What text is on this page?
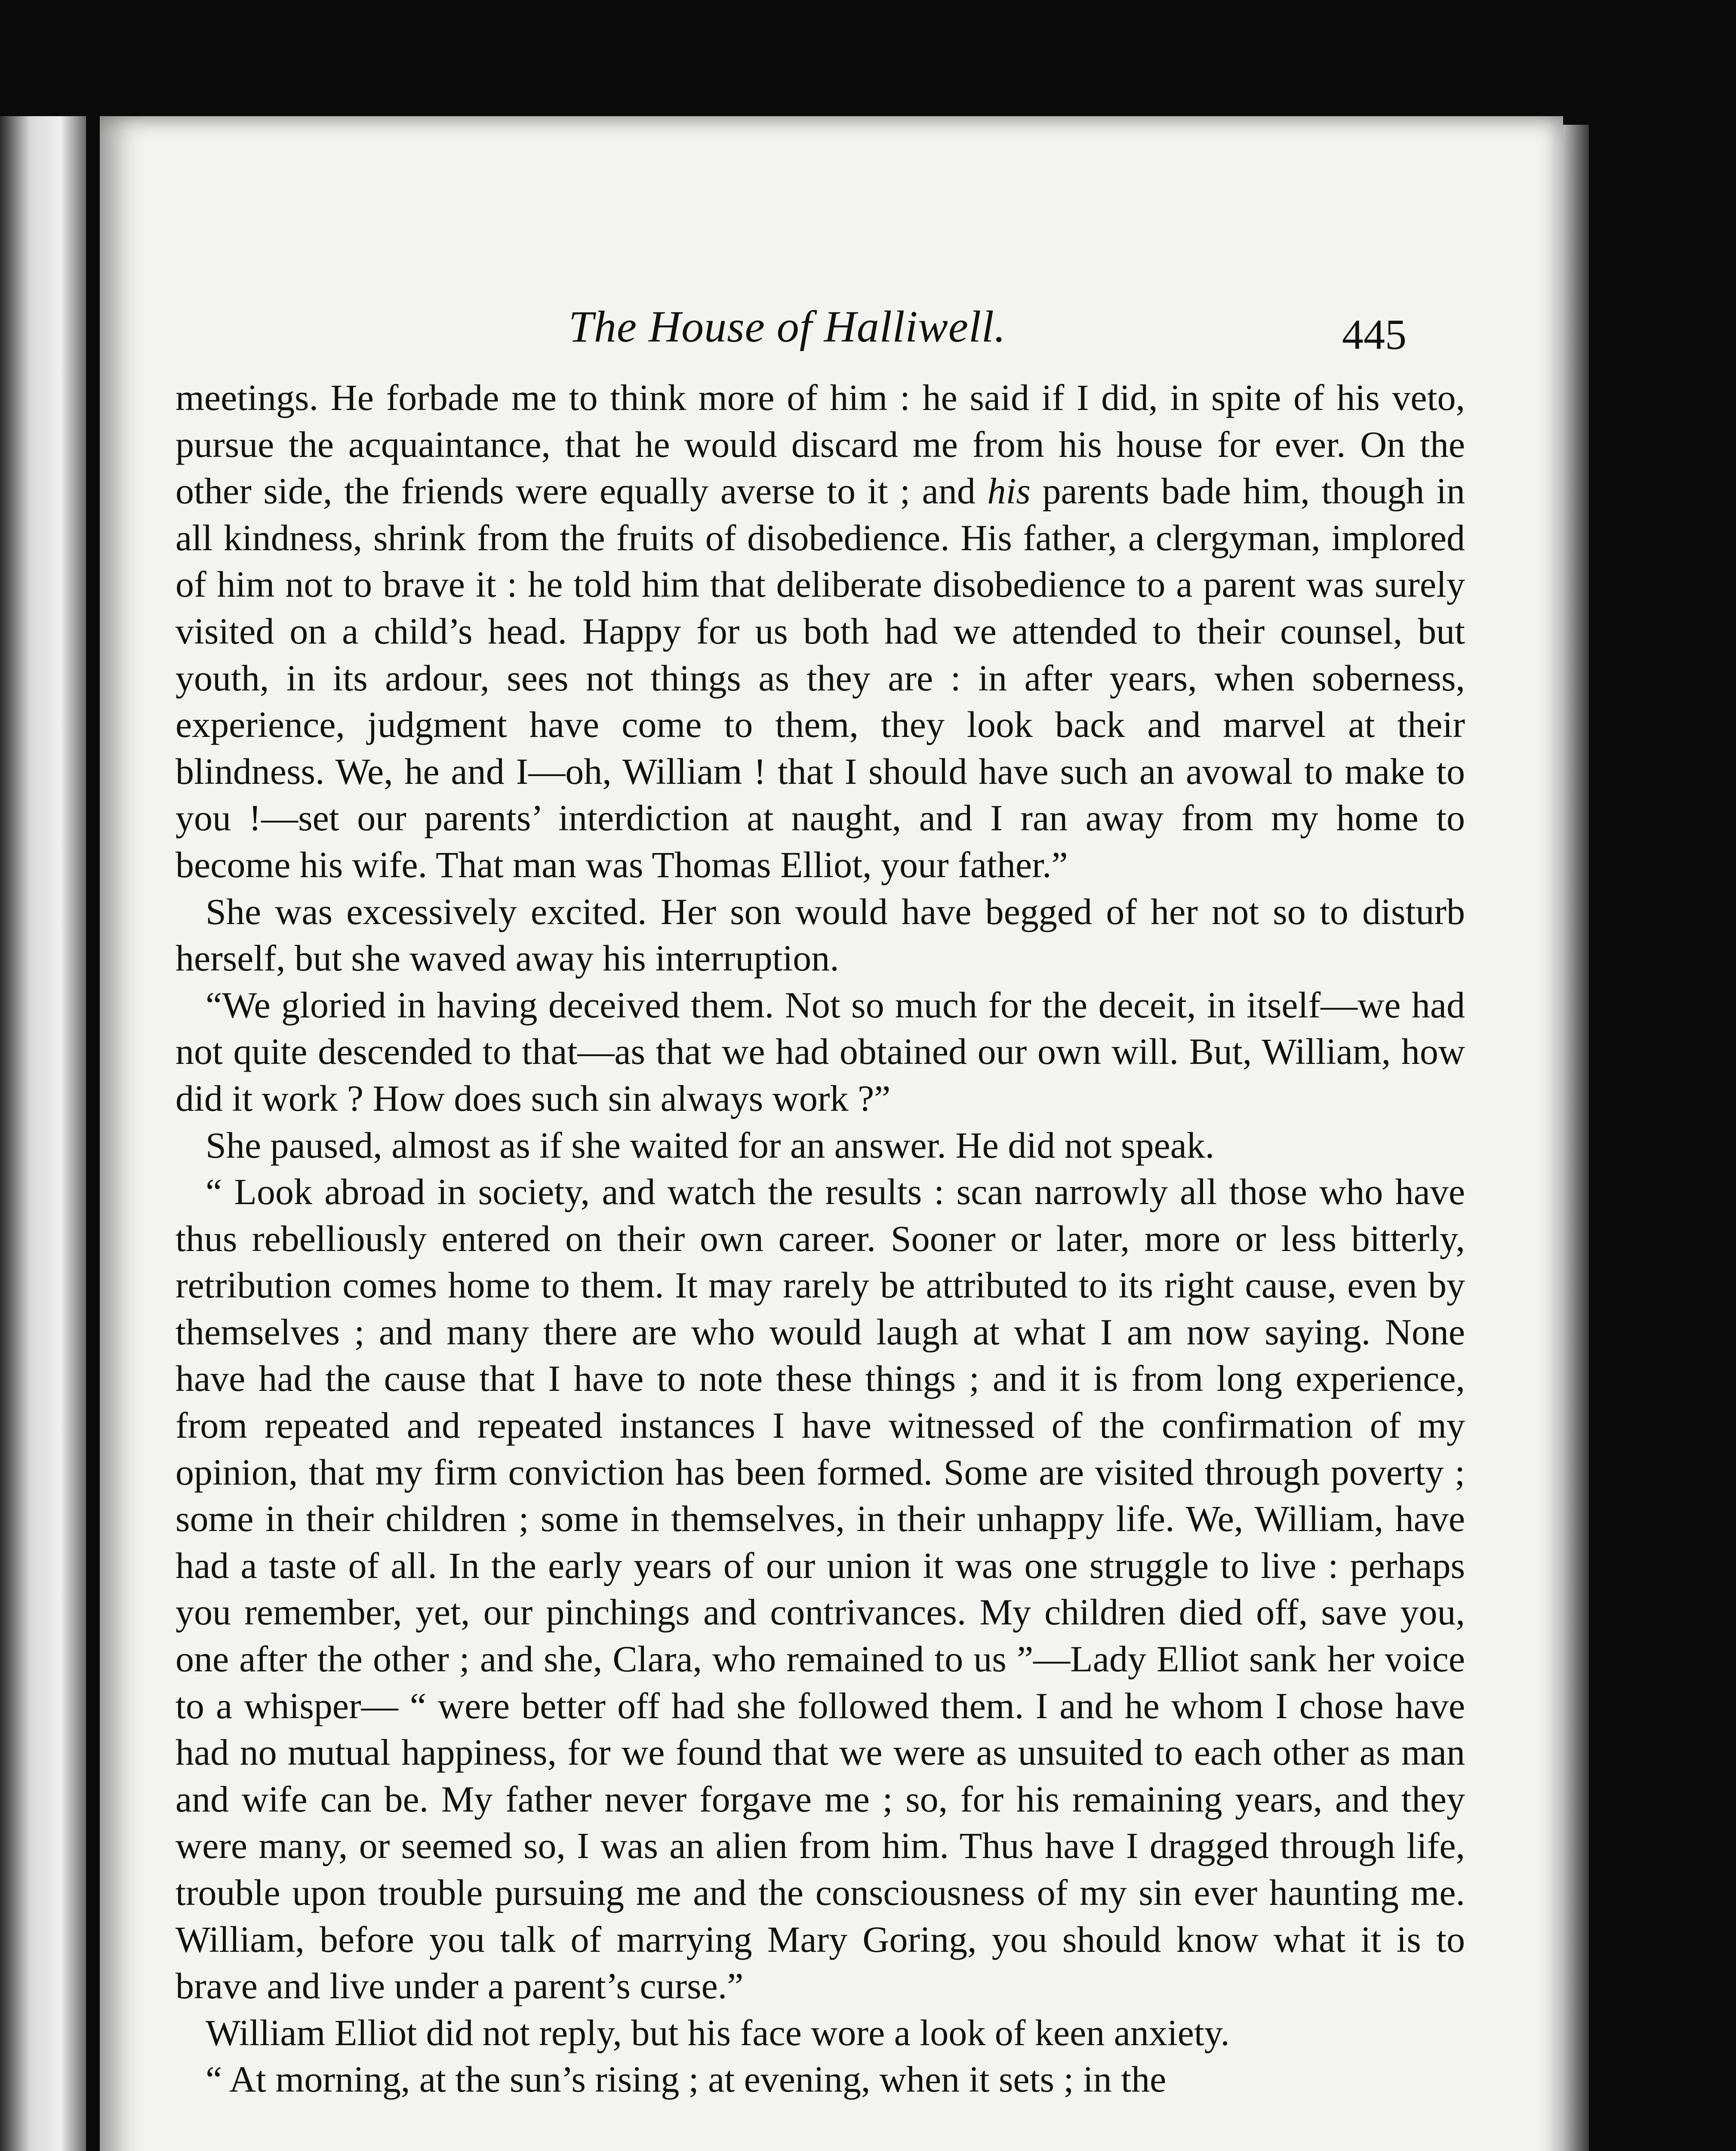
The House of Halliwell.	445

meetings. He forbade me to think more of him : he said if I did, in spite of his veto, pursue the acquaintance, that he would discard me from his house for ever. On the other side, the friends were equally averse to it ; and his parents bade him, though in all kindness, shrink from the fruits of disobedience. His father, a clergyman, implored of him not to brave it : he told him that deliberate disobedience to a parent was surely visited on a child’s head. Happy for us both had we attended to their counsel, but youth, in its ardour, sees not things as they are : in after years, when soberness, experience, judgment have come to them, they look back and marvel at their blindness. We, he and I—oh, William ! that I should have such an avowal to make to you !—set our parents’ interdiction at naught, and I ran away from my home to become his wife. That man was Thomas Elliot, your father.”

She was excessively excited. Her son would have begged of her not so to disturb herself, but she waved away his interruption.

“We gloried in having deceived them. Not so much for the deceit, in itself—we had not quite descended to that—as that we had obtained our own will. But, William, how did it work ? How does such sin always work ?”

She paused, almost as if she waited for an answer. He did not speak.

“ Look abroad in society, and watch the results : scan narrowly all those who have thus rebelliously entered on their own career. Sooner or later, more or less bitterly, retribution comes home to them. It may rarely be attributed to its right cause, even by themselves ; and many there are who would laugh at what I am now saying. None have had the cause that I have to note these things ; and it is from long experience, from repeated and repeated instances I have witnessed of the confirmation of my opinion, that my firm conviction has been formed. Some are visited through poverty ; some in their children ; some in themselves, in their unhappy life. We, William, have had a taste of all. In the early years of our union it was one struggle to live : perhaps you remember, yet, our pinchings and contrivances. My children died off, save you, one after the other ; and she, Clara, who remained to us ”—Lady Elliot sank her voice to a whisper— “ were better off had she followed them. I and he whom I chose have had no mutual happiness, for we found that we were as unsuited to each other as man and wife can be. My father never forgave me ; so, for his remaining years, and they were many, or seemed so, I was an alien from him. Thus have I dragged through life, trouble upon trouble pursuing me and the consciousness of my sin ever haunting me. William, before you talk of marrying Mary Goring, you should know what it is to brave and live under a parent’s curse.”

William Elliot did not reply, but his face wore a look of keen anxiety.

“ At morning, at the sun’s rising ; at evening, when it sets ; in the
